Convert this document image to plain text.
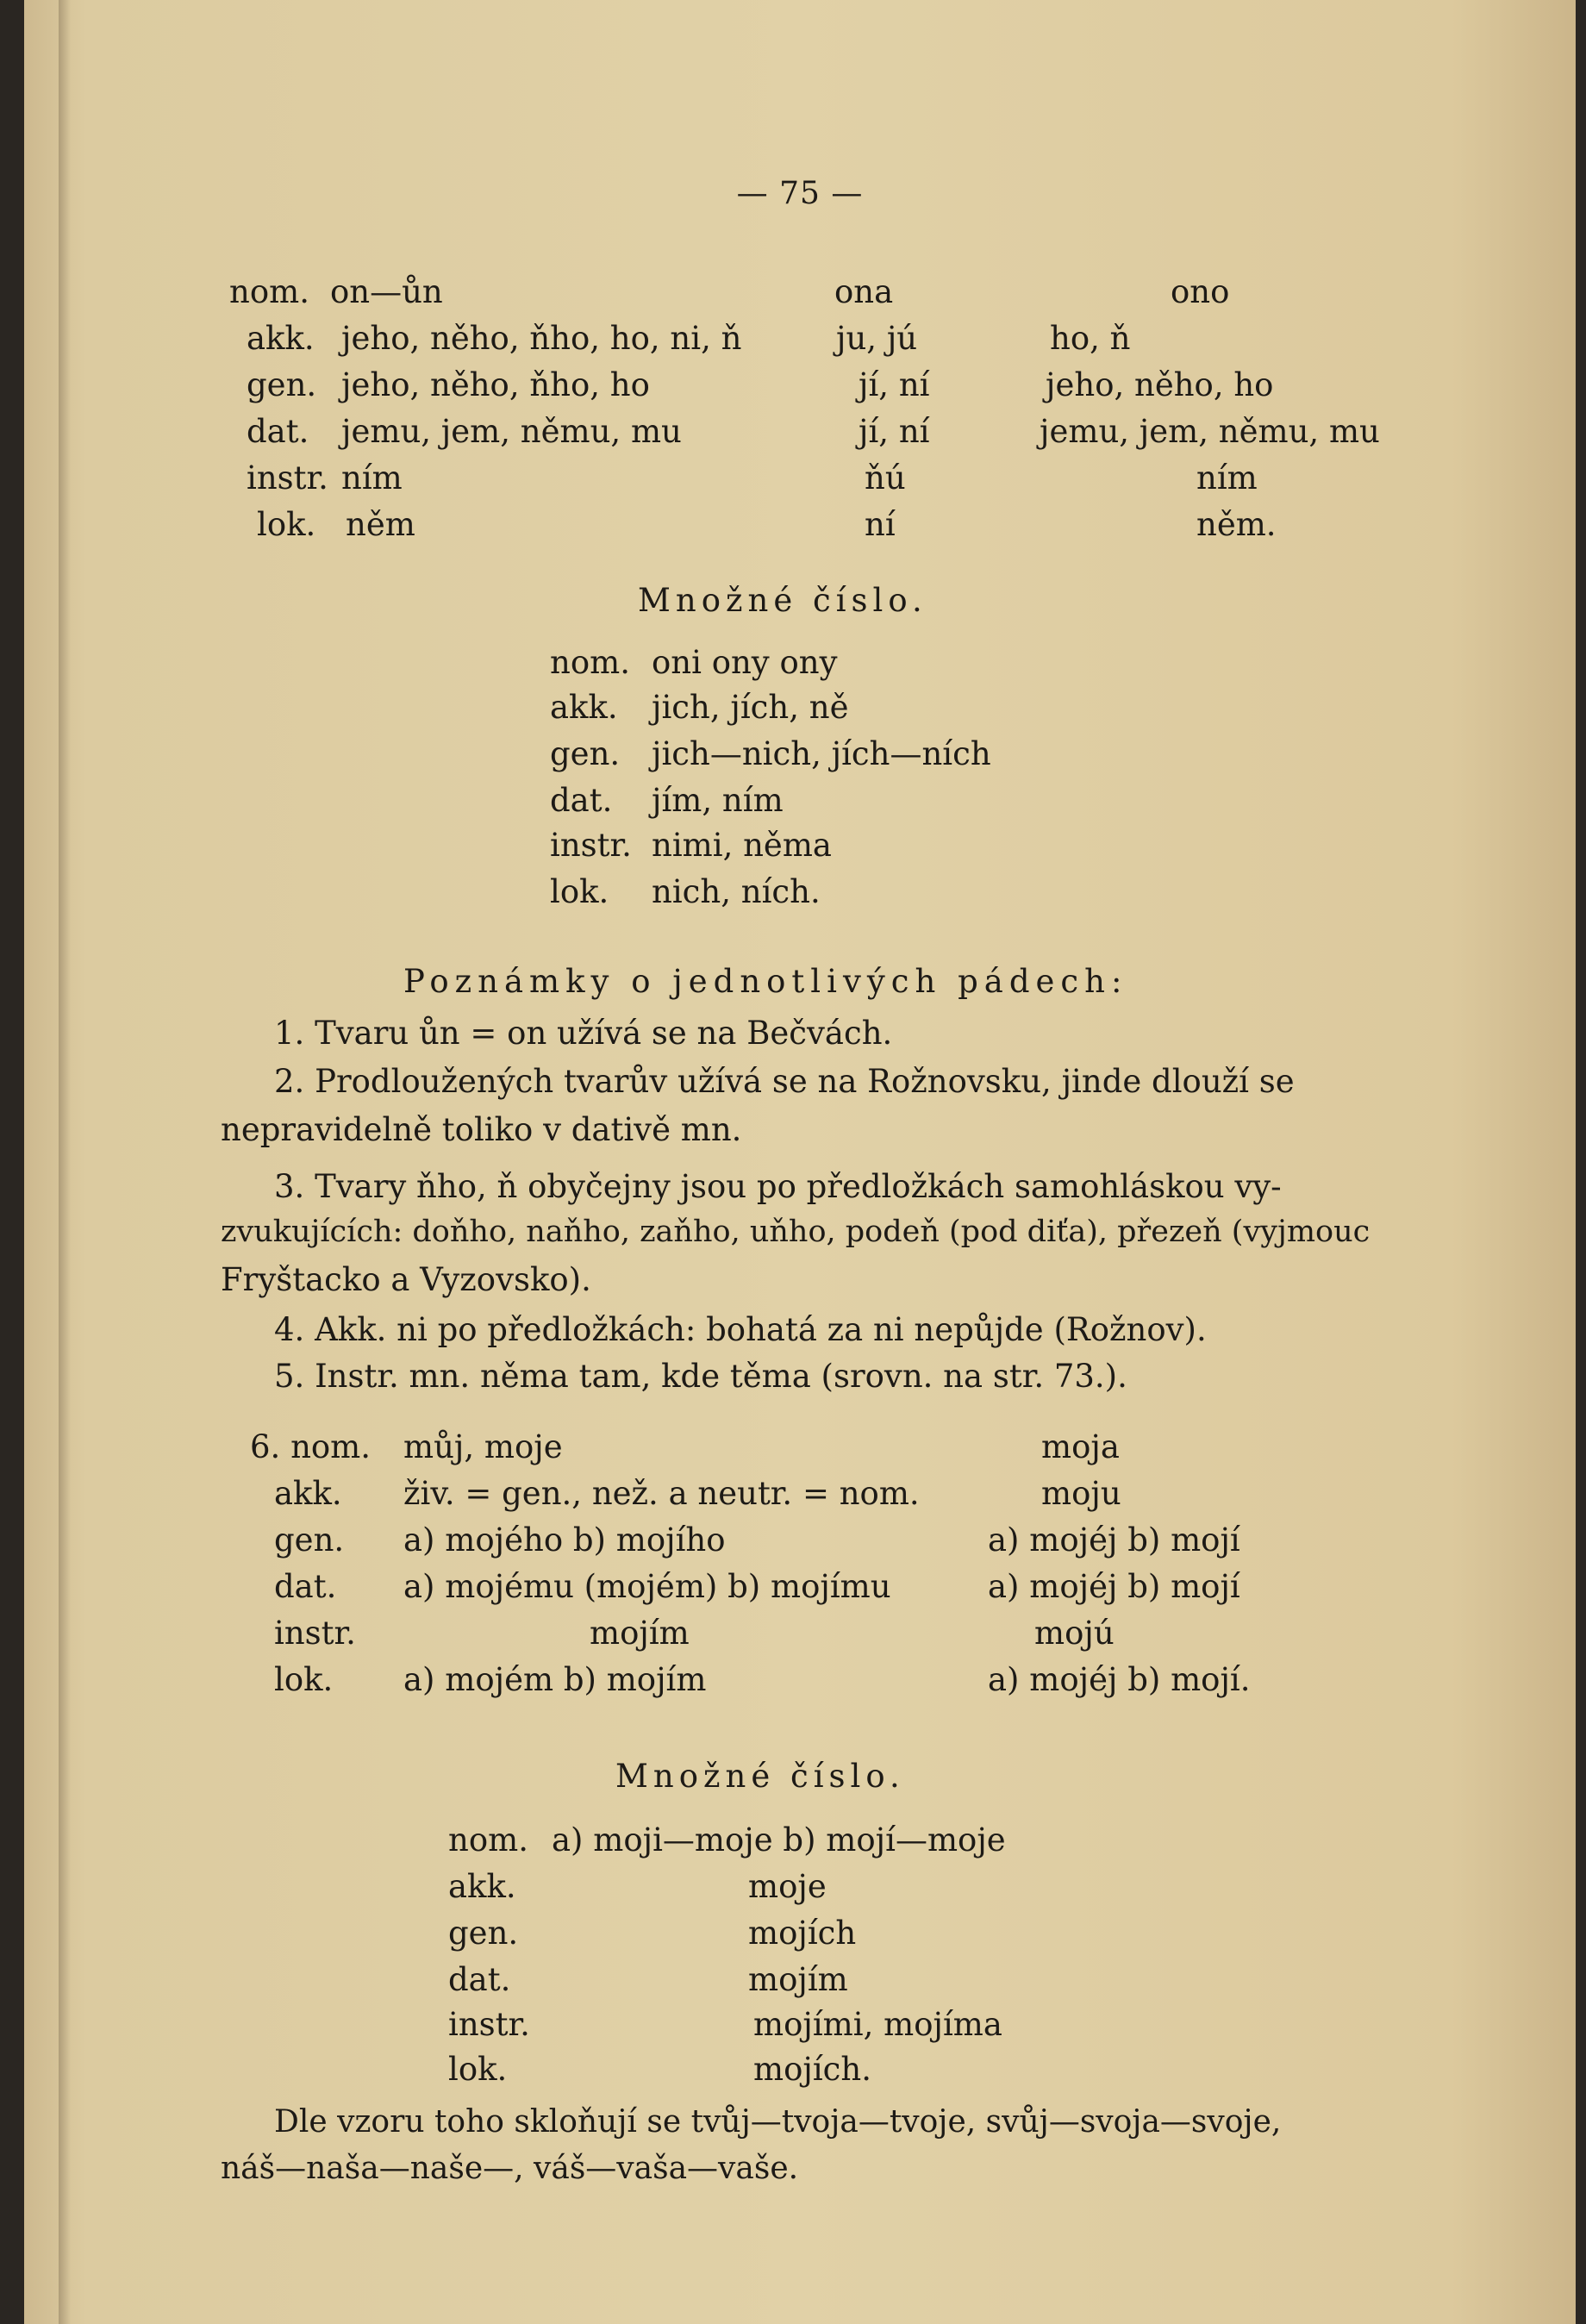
— 75 —
nom. on—ůn	ona	ono
akk. jeho, něho, ňho, ho, ni, ň	ju, jú	ho, ň
gen. jeho, něho, ňho, ho	jí, ní	jeho, něho, ho
dat. jemu, jem, němu, mu	jí, ní	jemu, jem, němu, mu
instr. ním	ňú	ním
lok. něm	ní	něm.
Množné číslo.
nom. oni ony ony
akk. jich, jích, ně
gen. jich—nich, jích—ních
dat. jím, ním
instr. nimi, něma
lok. nich, ních.
Poznámky o jednotlivých pádech:
1. Tvaru ůn = on užívá se na Bečvách.
2. Prodloužených tvarův užívá se na Rožnovsku, jinde dlouží se
nepravidelně toliko v dativě mn.
3. Tvary ňho, ň obyčejny jsou po předložkách samohláskou vy-
zvukujících: doňho, naňho, zaňho, uňho, podeň (pod diťa), přezeň (vyjmouc
Fryštacko a Vyzovsko).
4. Akk. ni po předložkách: bohatá za ni nepůjde (Rožnov).
5. Instr. mn. něma tam, kde těma (srovn. na str. 73.).
6. nom. můj, moje	moja
akk. živ. = gen., než. a neutr. = nom.	moju
gen. a) mojého b) mojího	a) mojéj b) mojí
dat. a) mojému (mojém) b) mojímu	a) mojéj b) mojí
instr.	mojím	mojú
lok. a) mojém b) mojím	a) mojéj b) mojí.
Množné číslo.
nom. a) moji—moje b) mojí—moje
akk.	moje
gen.	mojích
dat.	mojím
instr.	mojími, mojíma
lok.	mojích.
Dle vzoru toho skloňují se tvůj—tvoja—tvoje, svůj—svoja—svoje,
náš—naša—naše—, váš—vaša—vaše.
